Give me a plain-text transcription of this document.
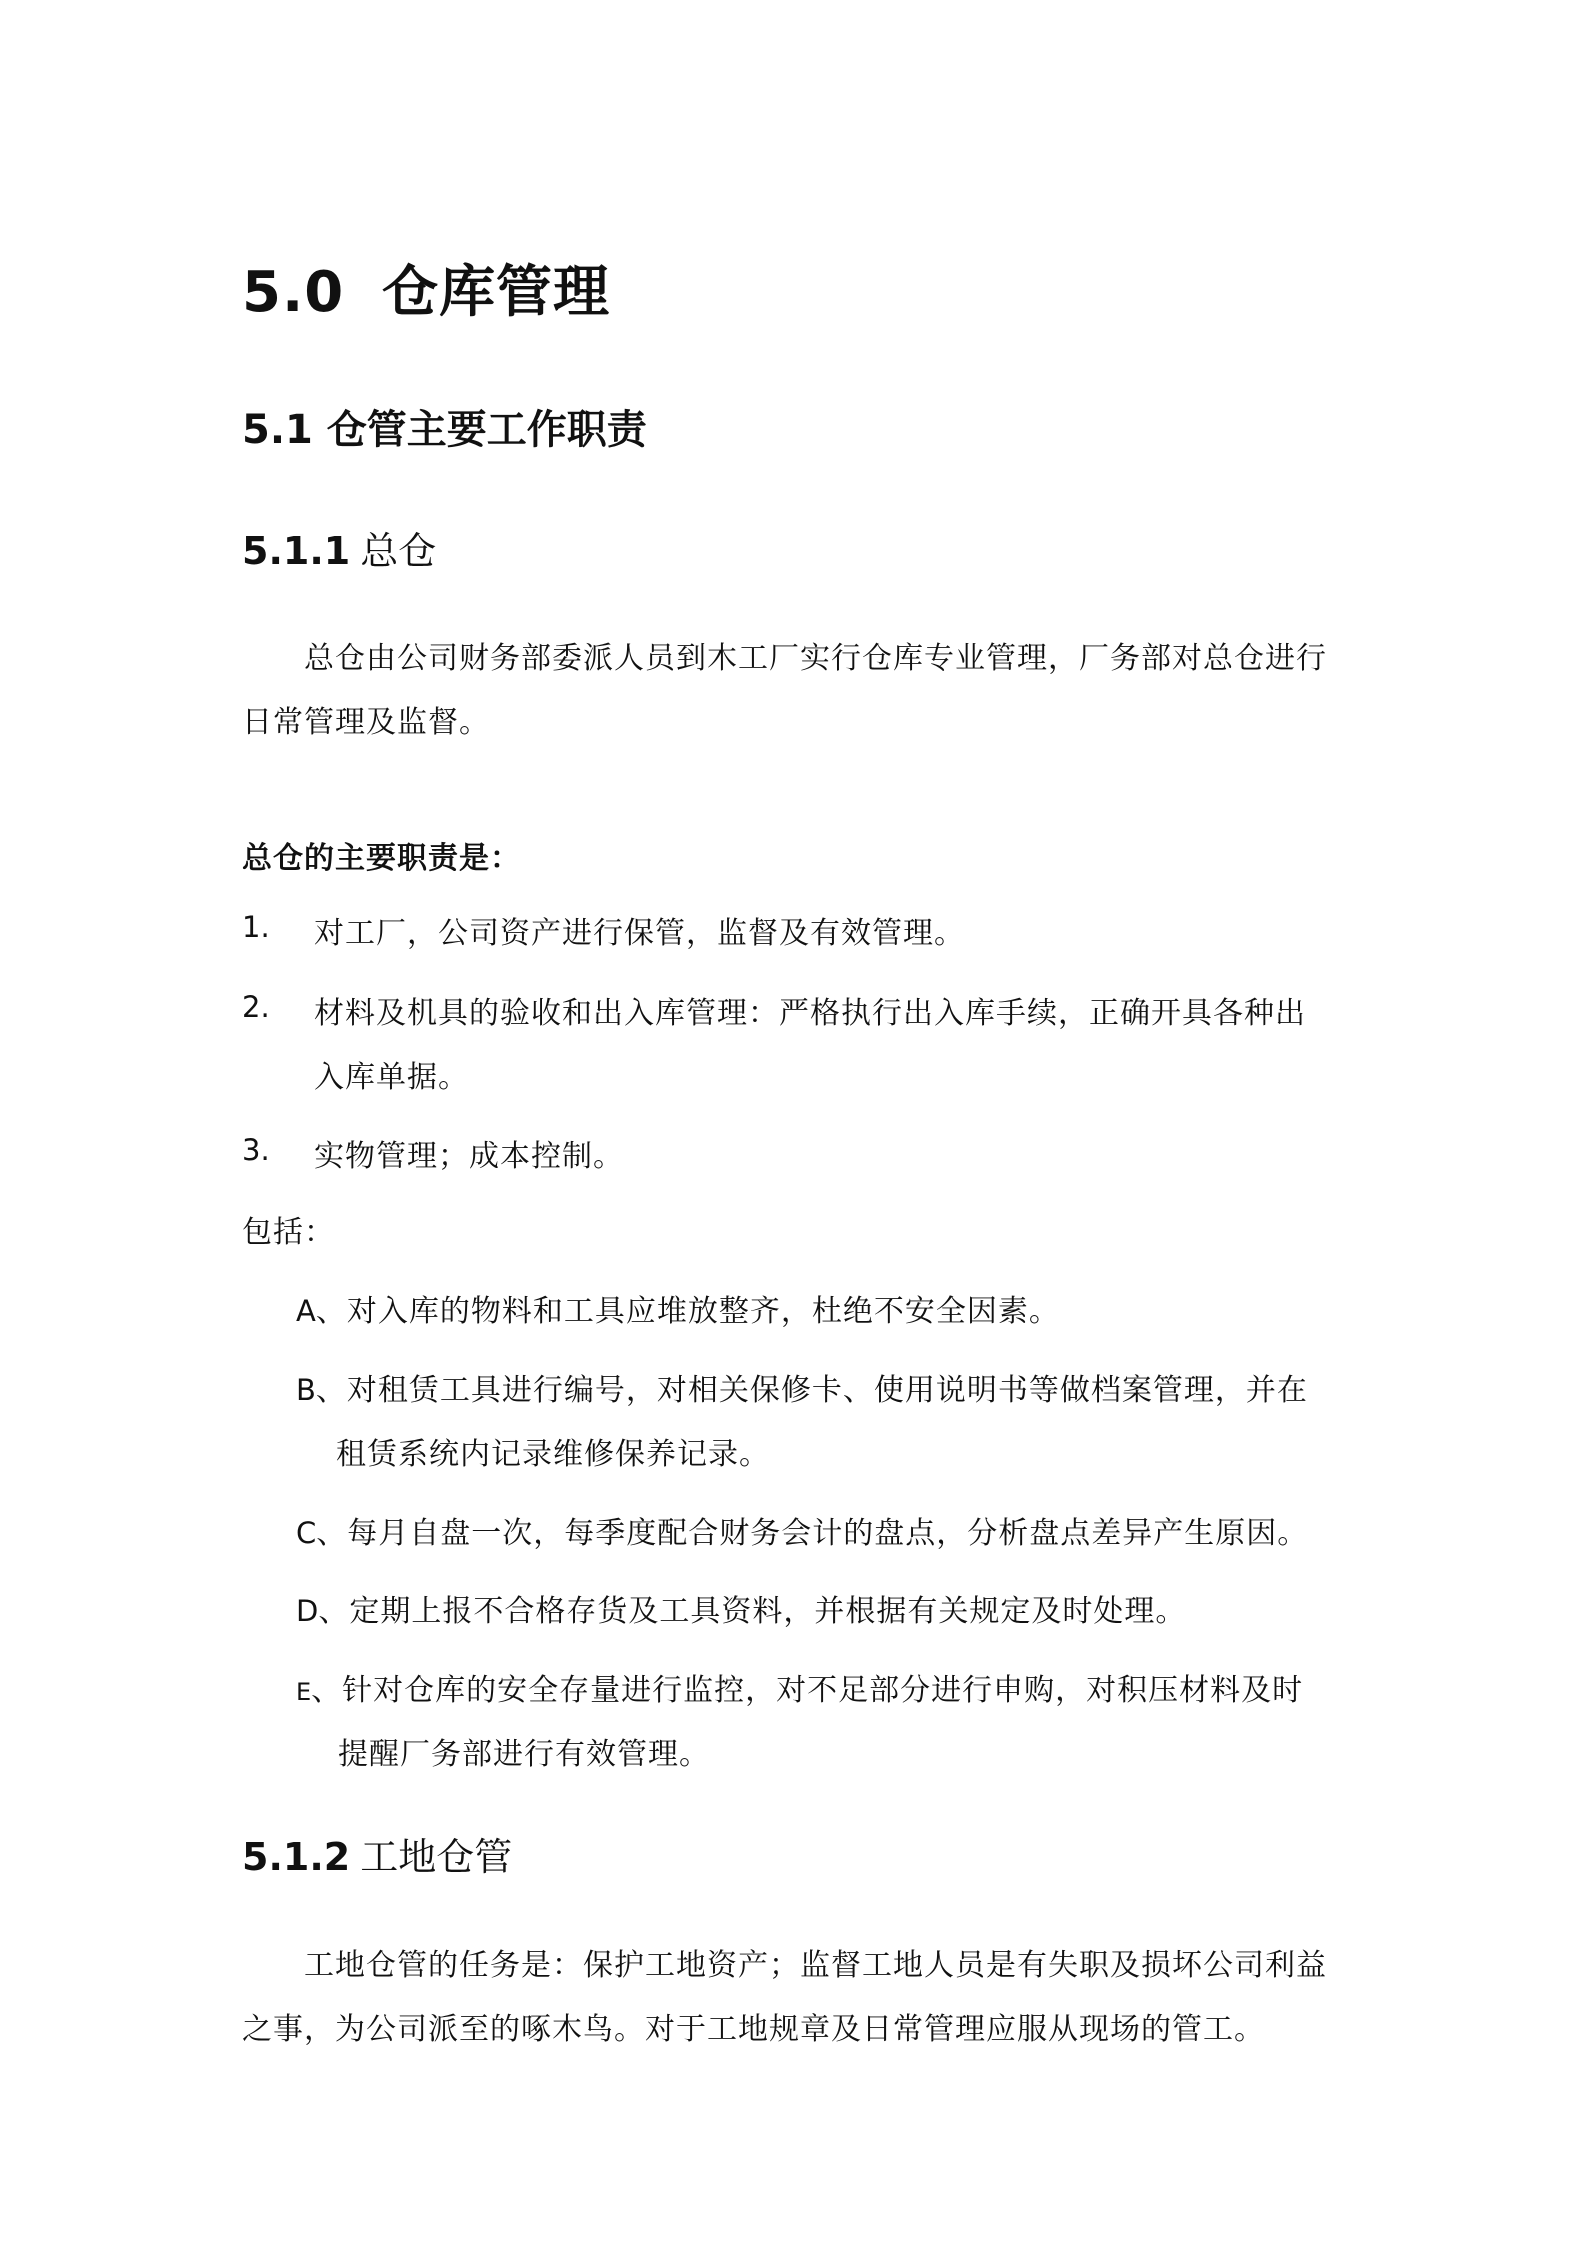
5.0 仓库管理
5.1 仓管主要工作职责
5.1.1 总仓
总仓由公司财务部委派人员到木工厂实行仓库专业管理，厂务部对总仓进行
日常管理及监督。
总仓的主要职责是：
1. 对工厂，公司资产进行保管，监督及有效管理。
2. 材料及机具的验收和出入库管理：严格执行出入库手续，正确开具各种出
入库单据。
3. 实物管理；成本控制。
包括：
A、对入库的物料和工具应堆放整齐，杜绝不安全因素。
B、对租赁工具进行编号，对相关保修卡、使用说明书等做档案管理，并在
租赁系统内记录维修保养记录。
C、每月自盘一次，每季度配合财务会计的盘点，分析盘点差异产生原因。
D、定期上报不合格存货及工具资料，并根据有关规定及时处理。
E、针对仓库的安全存量进行监控，对不足部分进行申购，对积压材料及时
提醒厂务部进行有效管理。
5.1.2 工地仓管
工地仓管的任务是：保护工地资产；监督工地人员是有失职及损坏公司利益
之事，为公司派至的啄木鸟。对于工地规章及日常管理应服从现场的管工。
